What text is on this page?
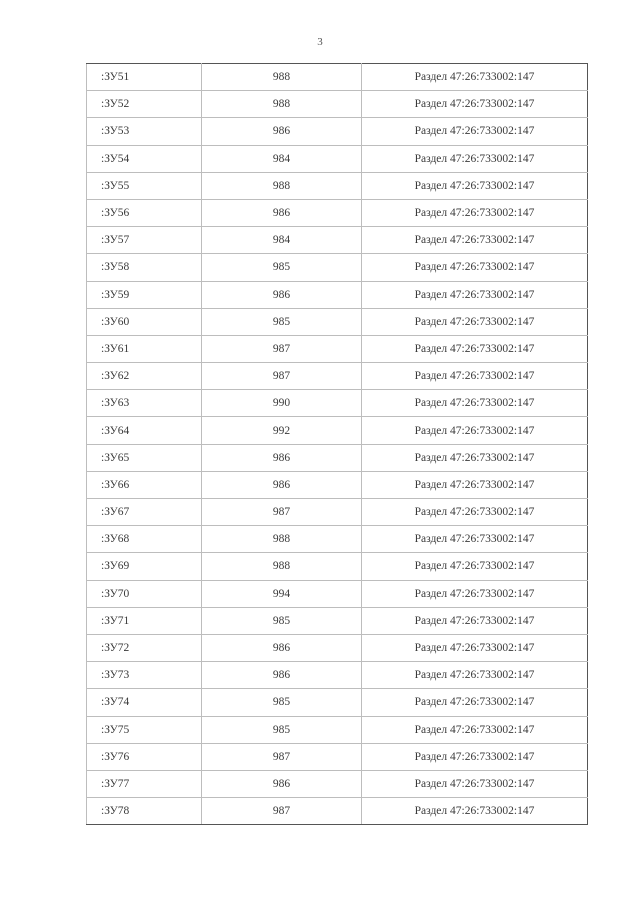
3
:ЗУ51	988	Раздел 47:26:733002:147
:ЗУ52	988	Раздел 47:26:733002:147
:ЗУ53	986	Раздел 47:26:733002:147
:ЗУ54	984	Раздел 47:26:733002:147
:ЗУ55	988	Раздел 47:26:733002:147
:ЗУ56	986	Раздел 47:26:733002:147
:ЗУ57	984	Раздел 47:26:733002:147
:ЗУ58	985	Раздел 47:26:733002:147
:ЗУ59	986	Раздел 47:26:733002:147
:ЗУ60	985	Раздел 47:26:733002:147
:ЗУ61	987	Раздел 47:26:733002:147
:ЗУ62	987	Раздел 47:26:733002:147
:ЗУ63	990	Раздел 47:26:733002:147
:ЗУ64	992	Раздел 47:26:733002:147
:ЗУ65	986	Раздел 47:26:733002:147
:ЗУ66	986	Раздел 47:26:733002:147
:ЗУ67	987	Раздел 47:26:733002:147
:ЗУ68	988	Раздел 47:26:733002:147
:ЗУ69	988	Раздел 47:26:733002:147
:ЗУ70	994	Раздел 47:26:733002:147
:ЗУ71	985	Раздел 47:26:733002:147
:ЗУ72	986	Раздел 47:26:733002:147
:ЗУ73	986	Раздел 47:26:733002:147
:ЗУ74	985	Раздел 47:26:733002:147
:ЗУ75	985	Раздел 47:26:733002:147
:ЗУ76	987	Раздел 47:26:733002:147
:ЗУ77	986	Раздел 47:26:733002:147
:ЗУ78	987	Раздел 47:26:733002:147
